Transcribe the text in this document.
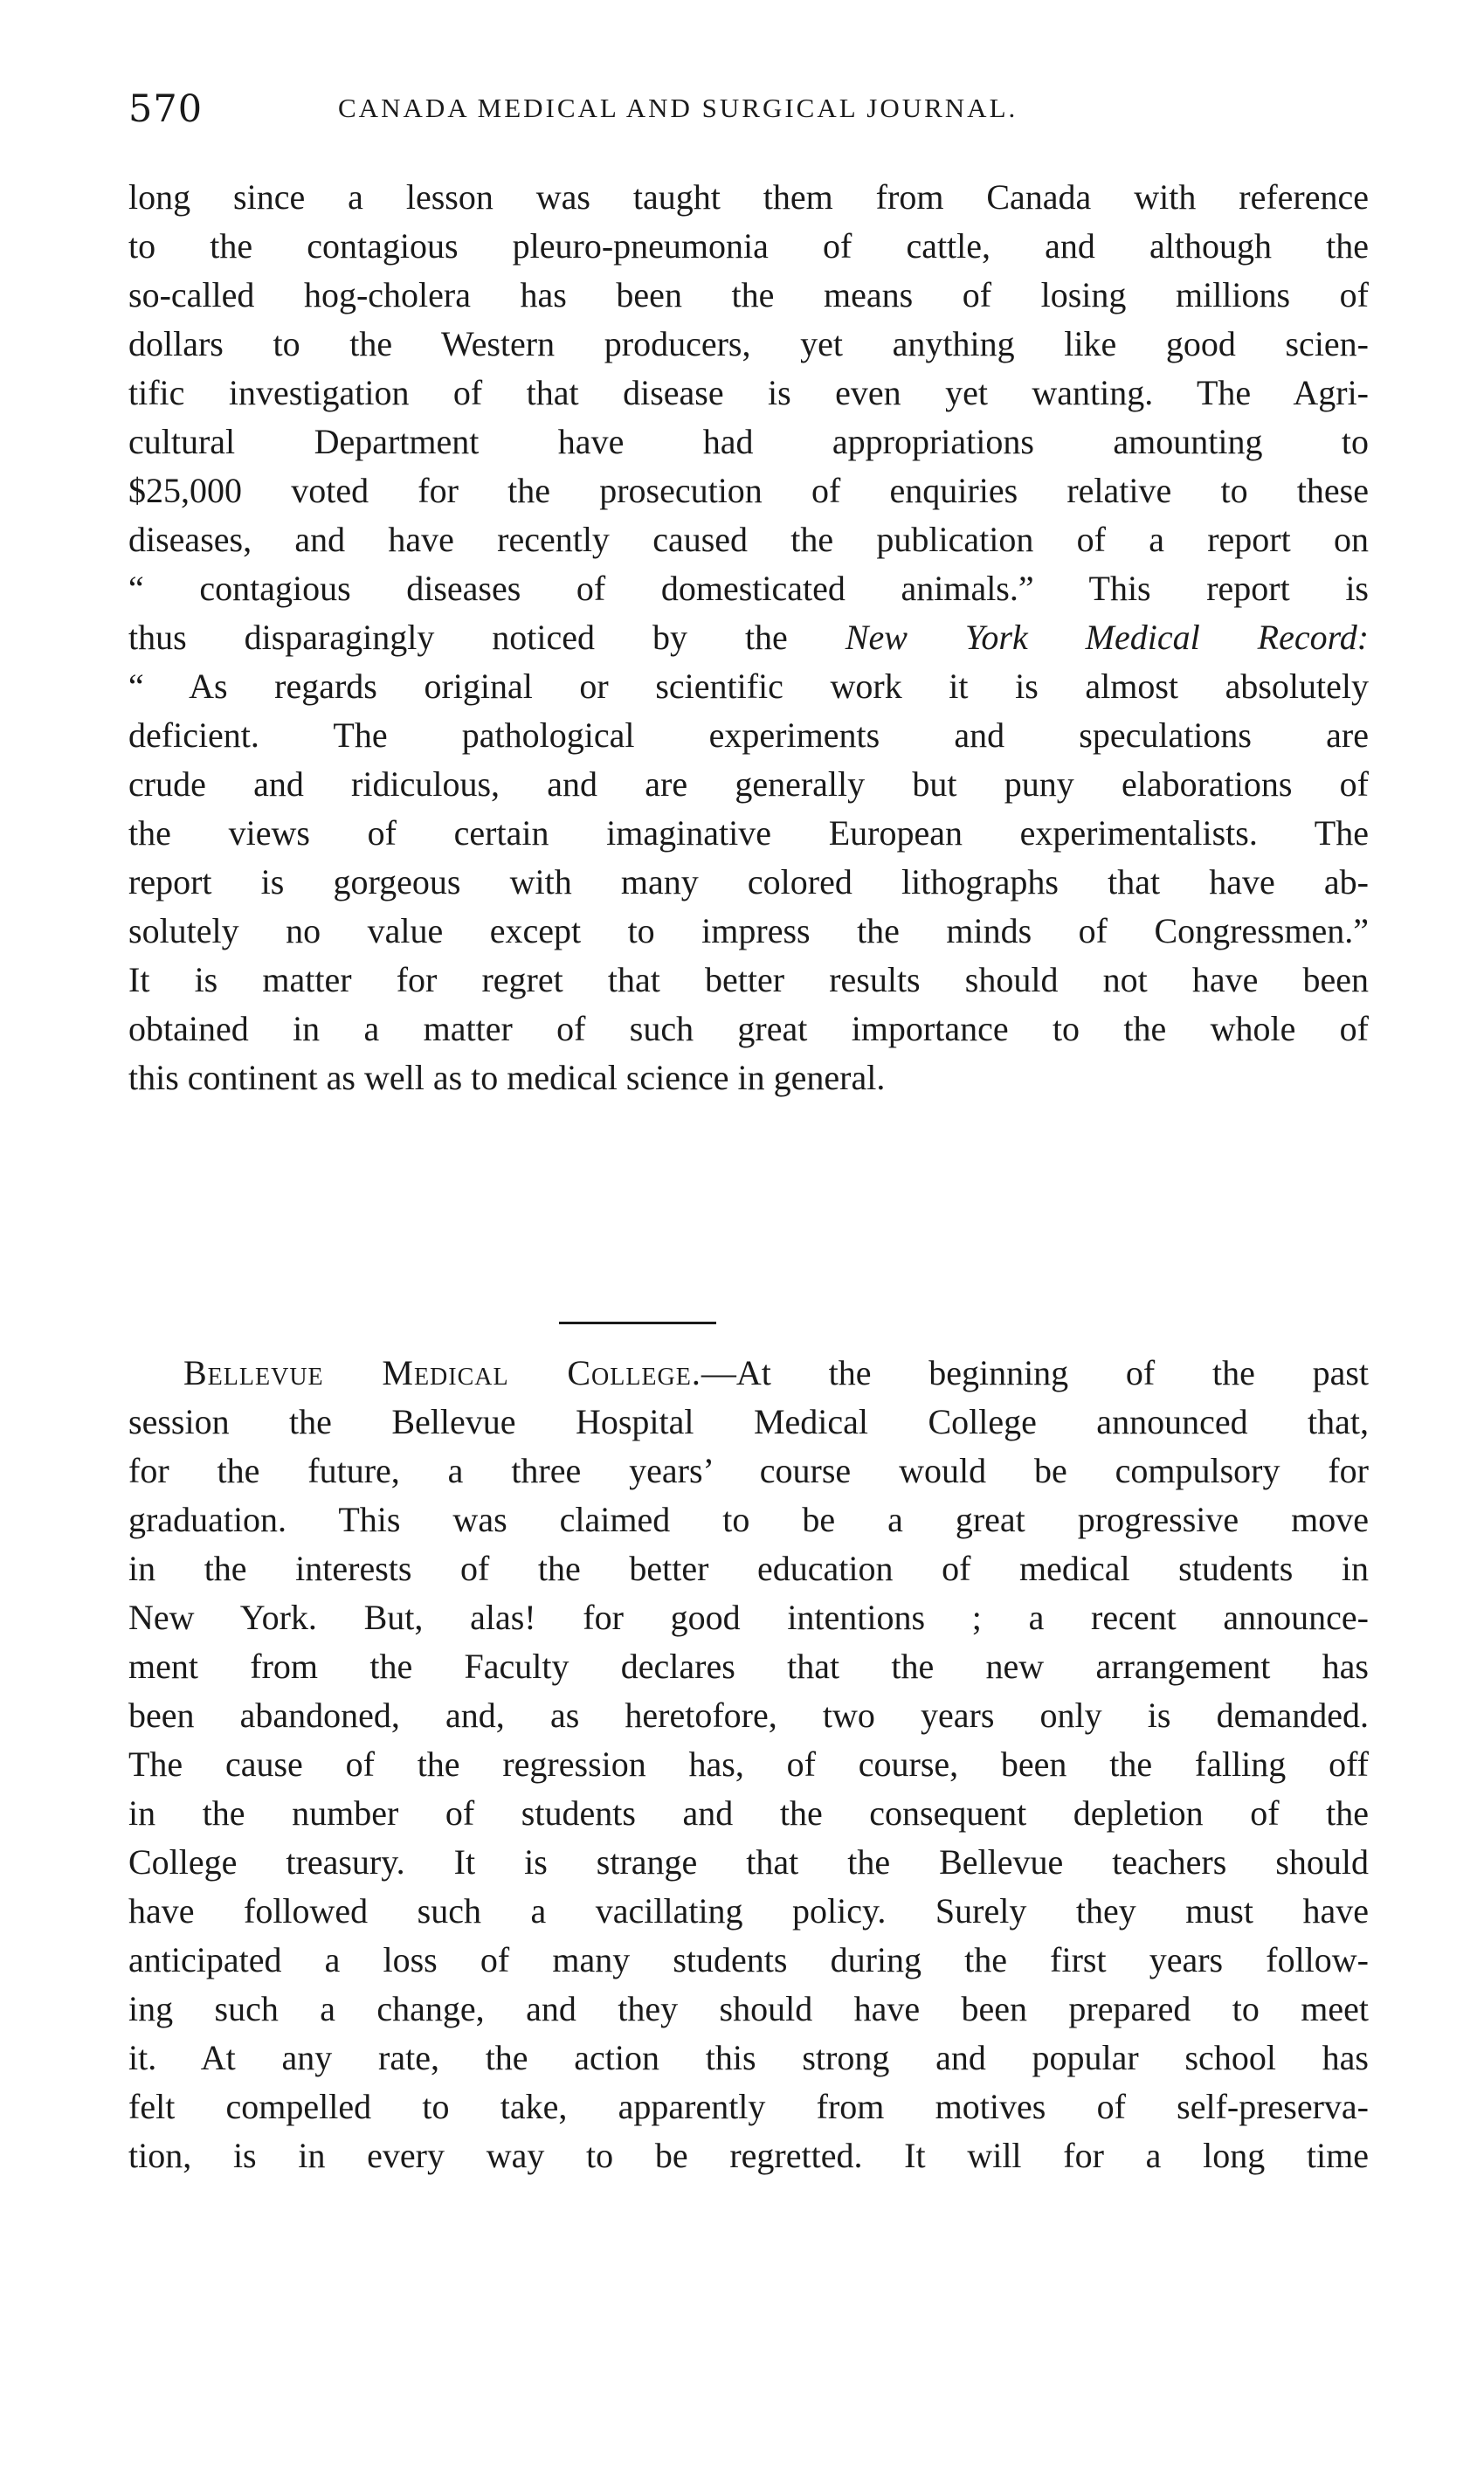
570	CANADA MEDICAL AND SURGICAL JOURNAL.
long since a lesson was taught them from Canada with reference
to the contagious pleuro-pneumonia of cattle, and although the
so-called hog-cholera has been the means of losing millions of
dollars to the Western producers, yet anything like good scien-
tific investigation of that disease is even yet wanting. The Agri-
cultural Department have had appropriations amounting to
$25,000 voted for the prosecution of enquiries relative to these
diseases, and have recently caused the publication of a report on
“ contagious diseases of domesticated animals.” This report is
thus disparagingly noticed by the New York Medical Record:
“ As regards original or scientific work it is almost absolutely
deficient. The pathological experiments and speculations are
crude and ridiculous, and are generally but puny elaborations of
the views of certain imaginative European experimentalists. The
report is gorgeous with many colored lithographs that have ab-
solutely no value except to impress the minds of Congressmen.”
It is matter for regret that better results should not have been
obtained in a matter of such great importance to the whole of
this continent as well as to medical science in general.
Bellevue Medical College.—At the beginning of the past
session the Bellevue Hospital Medical College announced that,
for the future, a three years’ course would be compulsory for
graduation. This was claimed to be a great progressive move
in the interests of the better education of medical students in
New York. But, alas! for good intentions ; a recent announce-
ment from the Faculty declares that the new arrangement has
been abandoned, and, as heretofore, two years only is demanded.
The cause of the regression has, of course, been the falling off
in the number of students and the consequent depletion of the
College treasury. It is strange that the Bellevue teachers should
have followed such a vacillating policy. Surely they must have
anticipated a loss of many students during the first years follow-
ing such a change, and they should have been prepared to meet
it. At any rate, the action this strong and popular school has
felt compelled to take, apparently from motives of self-preserva-
tion, is in every way to be regretted. It will for a long time
